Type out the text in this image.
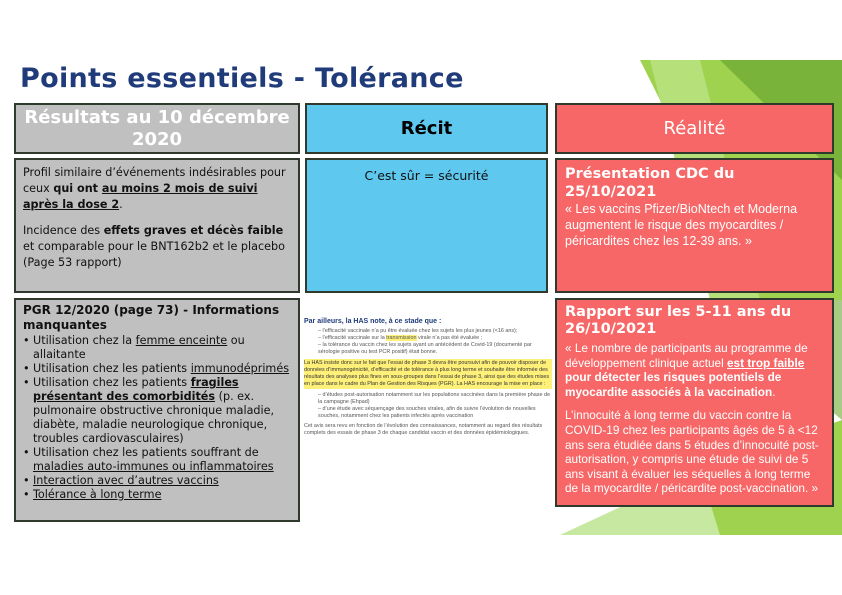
Points essentiels - Tolérance
Résultats au 10 décembre 2020	Récit	Réalité

Profil similaire d’événements indésirables pour ceux qui ont au moins 2 mois de suivi après la dose 2.

Incidence des effets graves et décès faible et comparable pour le BNT162b2 et le placebo (Page 53 rapport)

C’est sûr = sécurité	Présentation CDC du 25/10/2021
« Les vaccins Pfizer/BioNtech et Moderna augmentent le risque des myocardites / péricardites chez les 12-39 ans. »
PGR 12/2020 (page 73) - Informations manquantes
• Utilisation chez la femme enceinte ou allaitante
• Utilisation chez les patients immunodéprimés
• Utilisation chez les patients fragiles présentant des comorbidités (p. ex. pulmonaire obstructive chronique maladie, diabète, maladie neurologique chronique, troubles cardiovasculaires)
• Utilisation chez les patients souffrant de maladies auto-immunes ou inflammatoires
• Interaction avec d’autres vaccins
• Tolérance à long terme
Par ailleurs, la HAS note, à ce stade que :
– l’efficacité vaccinale n’a pu être évaluée chez les sujets les plus jeunes (<16 ans);
– l’efficacité vaccinale sur la transmission virale n’a pas été évaluée ;
– la tolérance du vaccin chez les sujets ayant un antécédent de Covid-19 (documenté par sérologie positive ou test PCR positif) était bonne.
La HAS insiste donc sur le fait que l’essai de phase 3 devra être poursuivi afin de pouvoir disposer de données d’immunogénicité, d’efficacité et de tolérance à plus long terme et souhaite être informée des résultats des analyses plus fines en sous-groupes dans l’essai de phase 3, ainsi que des études mises en place dans le cadre du Plan de Gestion des Risques (PGR). La HAS encourage la mise en place :
– d’études post-autorisation notamment sur les populations vaccinées dans la première phase de la campagne (Ehpad)
– d’une étude avec séquençage des souches virales, afin de suivre l’évolution de nouvelles souches, notamment chez les patients infectés après vaccination

Cet avis sera revu en fonction de l’évolution des connaissances, notamment au regard des résultats complets des essais de phase 3 de chaque candidat vaccin et des données épidémiologiques.

Rapport sur les 5-11 ans du 26/10/2021

« Le nombre de participants au programme de développement clinique actuel est trop faible pour détecter les risques potentiels de myocardite associés à la vaccination.

L’innocuité à long terme du vaccin contre la COVID-19 chez les participants âgés de 5 à <12 ans sera étudiée dans 5 études d’innocuité post-autorisation, y compris une étude de suivi de 5 ans visant à évaluer les séquelles à long terme de la myocardite / péricardite post-vaccination. »
